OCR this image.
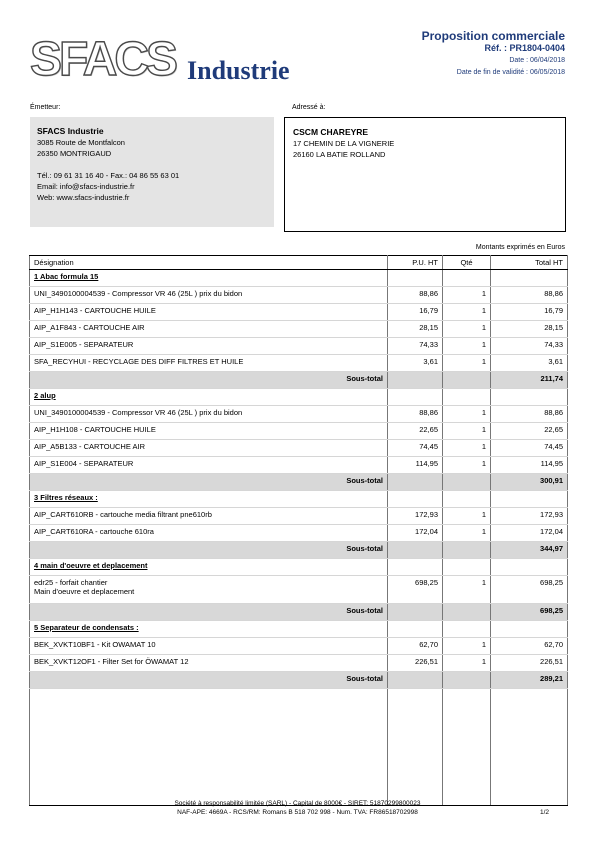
SFACS Industrie
Proposition commerciale
Réf. : PR1804-0404
Date : 06/04/2018
Date de fin de validité : 06/05/2018
Émetteur:	Adressé à:
SFACS Industrie
3085 Route de Montfalcon
26350 MONTRIGAUD
Tél.: 09 61 31 16 40 - Fax.: 04 86 55 63 01
Email: info@sfacs-industrie.fr
Web: www.sfacs-industrie.fr
CSCM CHAREYRE
17 CHEMIN DE LA VIGNERIE
26160 LA BATIE ROLLAND
Montants exprimés en Euros
Désignation	P.U. HT	Qté	Total HT
1 Abac formula 15			

UNI_3490100004539 - Compressor VR 46 (25L ) prix du bidon	88,86	1	88,86

AIP_H1H143 - CARTOUCHE HUILE	16,79	1	16,79

AIP_A1F843 - CARTOUCHE AIR	28,15	1	28,15

AIP_S1E005 - SEPARATEUR	74,33	1	74,33

SFA_RECYHUI - RECYCLAGE DES DIFF FILTRES ET HUILE	3,61	1	3,61
Sous-total			211,74
2 alup			

UNI_3490100004539 - Compressor VR 46 (25L ) prix du bidon	88,86	1	88,86

AIP_H1H108 - CARTOUCHE HUILE	22,65	1	22,65

AIP_A5B133 - CARTOUCHE AIR	74,45	1	74,45

AIP_S1E004 - SEPARATEUR	114,95	1	114,95
Sous-total			300,91
3 Filtres réseaux :			

AIP_CART610RB - cartouche media filtrant pne610rb	172,93	1	172,93

AIP_CART610RA - cartouche 610ra	172,04	1	172,04
Sous-total			344,97
4 main d'oeuvre et deplacement			

edr25 - forfait chantier
Main d'oeuvre et deplacement	698,25	1	698,25
Sous-total			698,25
5 Separateur de condensats :			

BEK_XVKT10BF1 - Kit OWAMAT 10	62,70	1	62,70

BEK_XVKT12OF1 - Filter Set for ÖWAMAT 12	226,51	1	226,51
Sous-total			289,21

Société à responsabilité limitée (SARL) - Capital de 8000€ - SIRET: 51870299800023
NAF-APE: 4669A - RCS/RM: Romans B 518 702 998 - Num. TVA: FR86518702998	1/2
